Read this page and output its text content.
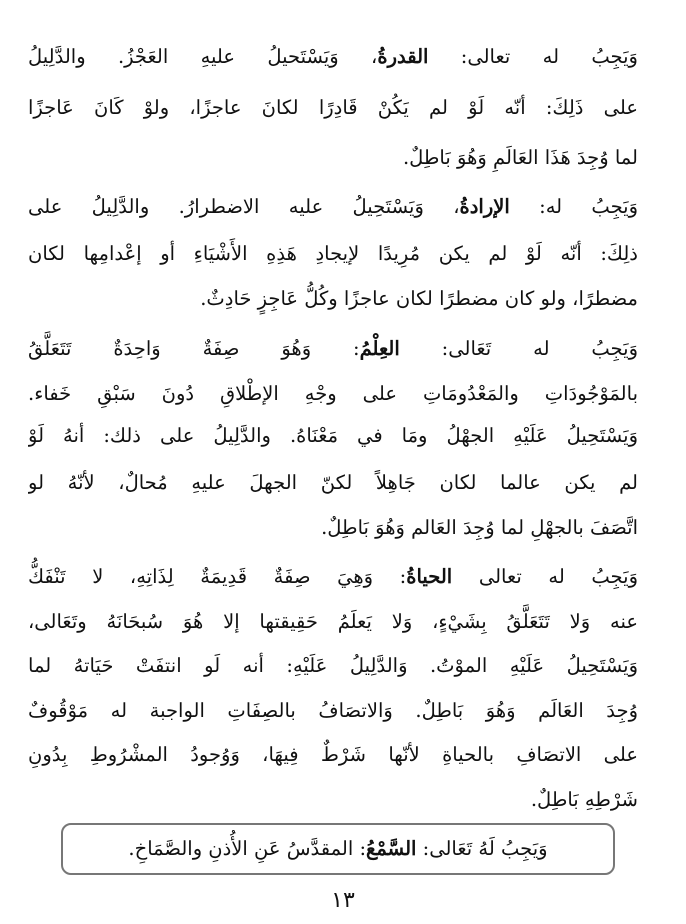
وَيَجِبُ له تعالى: القدرةُ، وَيَسْتَحيلُ عليهِ العَجْزُ. والدَّلِيلُ
على ذَلِكَ: أنّه لَوْ لم يَكُنْ قَادِرًا لكانَ عاجزًا، ولوْ كَانَ عَاجزًا
لما وُجِدَ هَذَا العَالَمِ وَهُوَ بَاطِلٌ.
وَيَجِبُ له: الإرادةُ، وَيَسْتَحِيلُ عليه الاضطرارُ. والدَّلِيلُ على
ذلِكَ: أنّه لَوْ لم يكن مُرِيدًا لإيجادِ هَذِهِ الأَشْيَاءِ أو إعْدامِها لكان
مضطرًا، ولو كان مضطرًا لكان عاجزًا وكُلُّ عَاجِزٍ حَادِثٌ.
وَيَجِبُ له تَعَالى: العِلْمُ: وَهُوَ صِفَةٌ وَاحِدَةٌ تَتَعَلَّقُ
بالمَوْجُودَاتِ والمَعْدُومَاتِ على وجْهِ الإطْلاقِ دُونَ سَبْقِ خَفاء.
وَيَسْتَحِيلُ عَلَيْهِ الجهْلُ ومَا في مَعْنَاهُ. والدَّلِيلُ على ذلك: أنهُ لَوْ
لم يكن عالما لكان جَاهِلاً لكنّ الجهلَ عليهِ مُحالٌ، لأنّهُ لو
اتَّصَفَ بالجهْلِ لما وُجِدَ العَالم وَهُوَ بَاطِلٌ.
وَيَجِبُ له تعالى الحياةُ: وَهِيَ صِفَةٌ قَدِيمَةٌ لِذَاتِهِ، لا تَنْفَكُّ
عنه وَلا تَتَعَلَّقُ بِشَيْءٍ، وَلا يَعلَمُ حَقِيقتها إلا هُوَ سُبحَانَهُ وتَعَالى،
وَيَسْتَحِيلُ عَلَيْهِ الموْتُ. وَالدَّلِيلُ عَلَيْهِ: أنه لَو انتفَتْ حَيَاتهُ لما
وُجِدَ العَالَم وَهُوَ بَاطِلٌ. وَالاتصَافُ بالصِفَاتِ الواجبة له مَوْقُوفٌ
على الاتصَافِ بالحياةِ لأنّها شَرْطٌ فِيهَا، وَوُجودُ المشْرُوطِ بِدُونِ
شَرْطِهِ بَاطِلٌ.
وَيَجِبُ لَهُ تَعَالى: السَّمْعُ: المقدَّسُ عَنِ الأُذنِ والصَّمَاخِ.
١٣
